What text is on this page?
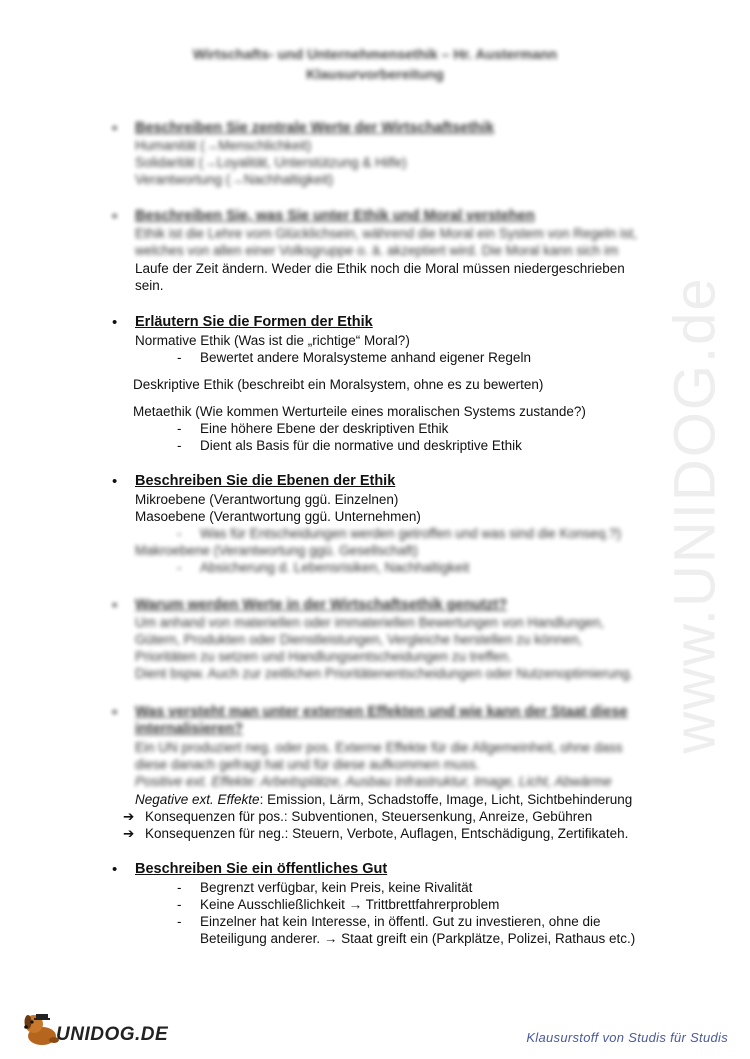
www.UNIDOG.de
Wirtschafts- und Unternehmensethik – Hr. Austermann
Klausurvorbereitung
• Beschreiben Sie zentrale Werte der Wirtschaftsethik
Humanität (→Menschlichkeit)
Solidarität (→Loyalität, Unterstützung & Hilfe)
Verantwortung (→Nachhaltigkeit)
• Beschreiben Sie, was Sie unter Ethik und Moral verstehen
Ethik ist die Lehre vom Glücklichsein, während die Moral ein System von Regeln ist,
welches von allen einer Volksgruppe o. ä. akzeptiert wird. Die Moral kann sich im
Laufe der Zeit ändern. Weder die Ethik noch die Moral müssen niedergeschrieben
sein.
• Erläutern Sie die Formen der Ethik
Normative Ethik (Was ist die „richtige“ Moral?)
- Bewertet andere Moralsysteme anhand eigener Regeln
Deskriptive Ethik (beschreibt ein Moralsystem, ohne es zu bewerten)
Metaethik (Wie kommen Werturteile eines moralischen Systems zustande?)
- Eine höhere Ebene der deskriptiven Ethik
- Dient als Basis für die normative und deskriptive Ethik
• Beschreiben Sie die Ebenen der Ethik
Mikroebene (Verantwortung ggü. Einzelnen)
Masoebene (Verantwortung ggü. Unternehmen)
- Was für Entscheidungen werden getroffen und was sind die Konseq.?)
Makroebene (Verantwortung ggü. Gesellschaft)
- Absicherung d. Lebensrisiken, Nachhaltigkeit
• Warum werden Werte in der Wirtschaftsethik genutzt?
Um anhand von materiellen oder immateriellen Bewertungen von Handlungen,
Gütern, Produkten oder Dienstleistungen, Vergleiche herstellen zu können,
Prioritäten zu setzen und Handlungsentscheidungen zu treffen.
Dient bspw. Auch zur zeitlichen Prioritätenentscheidungen oder Nutzenoptimierung.
• Was versteht man unter externen Effekten und wie kann der Staat diese
internalisieren?
Ein UN produziert neg. oder pos. Externe Effekte für die Allgemeinheit, ohne dass
diese danach gefragt hat und für diese aufkommen muss.
Positive ext. Effekte: Arbeitsplätze, Ausbau Infrastruktur, Image, Licht, Abwärme
Negative ext. Effekte: Emission, Lärm, Schadstoffe, Image, Licht, Sichtbehinderung
➔ Konsequenzen für pos.: Subventionen, Steuersenkung, Anreize, Gebühren
➔ Konsequenzen für neg.: Steuern, Verbote, Auflagen, Entschädigung, Zertifikateh.
• Beschreiben Sie ein öffentliches Gut
- Begrenzt verfügbar, kein Preis, keine Rivalität
- Keine Ausschließlichkeit → Trittbrettfahrerproblem
- Einzelner hat kein Interesse, in öffentl. Gut zu investieren, ohne die
Beteiligung anderer. → Staat greift ein (Parkplätze, Polizei, Rathaus etc.)
UNIDOG.DE	Klausurstoff von Studis für Studis
